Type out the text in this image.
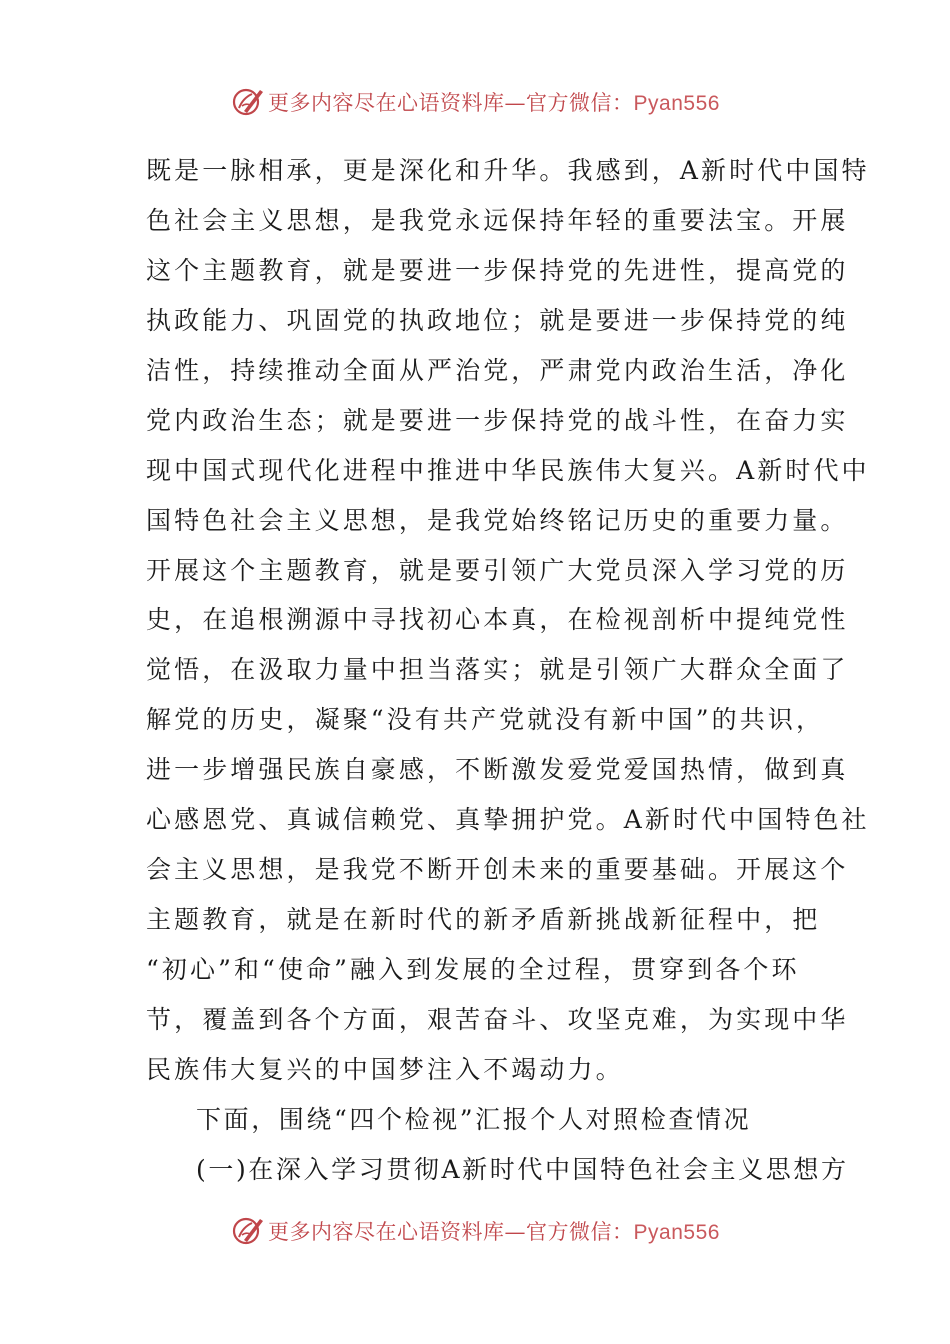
更多内容尽在心语资料库—官方微信：Pyan556
既是一脉相承，更是深化和升华。我感到，A新时代中国特
色社会主义思想，是我党永远保持年轻的重要法宝。开展
这个主题教育，就是要进一步保持党的先进性，提高党的
执政能力、巩固党的执政地位；就是要进一步保持党的纯
洁性，持续推动全面从严治党，严肃党内政治生活，净化
党内政治生态；就是要进一步保持党的战斗性，在奋力实
现中国式现代化进程中推进中华民族伟大复兴。A新时代中
国特色社会主义思想，是我党始终铭记历史的重要力量。
开展这个主题教育，就是要引领广大党员深入学习党的历
史，在追根溯源中寻找初心本真，在检视剖析中提纯党性
觉悟，在汲取力量中担当落实；就是引领广大群众全面了
解党的历史，凝聚“没有共产党就没有新中国”的共识，
进一步增强民族自豪感，不断激发爱党爱国热情，做到真
心感恩党、真诚信赖党、真挚拥护党。A新时代中国特色社
会主义思想，是我党不断开创未来的重要基础。开展这个
主题教育，就是在新时代的新矛盾新挑战新征程中，把
“初心”和“使命”融入到发展的全过程，贯穿到各个环
节，覆盖到各个方面，艰苦奋斗、攻坚克难，为实现中华
民族伟大复兴的中国梦注入不竭动力。
下面，围绕“四个检视”汇报个人对照检查情况
(一)在深入学习贯彻A新时代中国特色社会主义思想方
更多内容尽在心语资料库—官方微信：Pyan556
